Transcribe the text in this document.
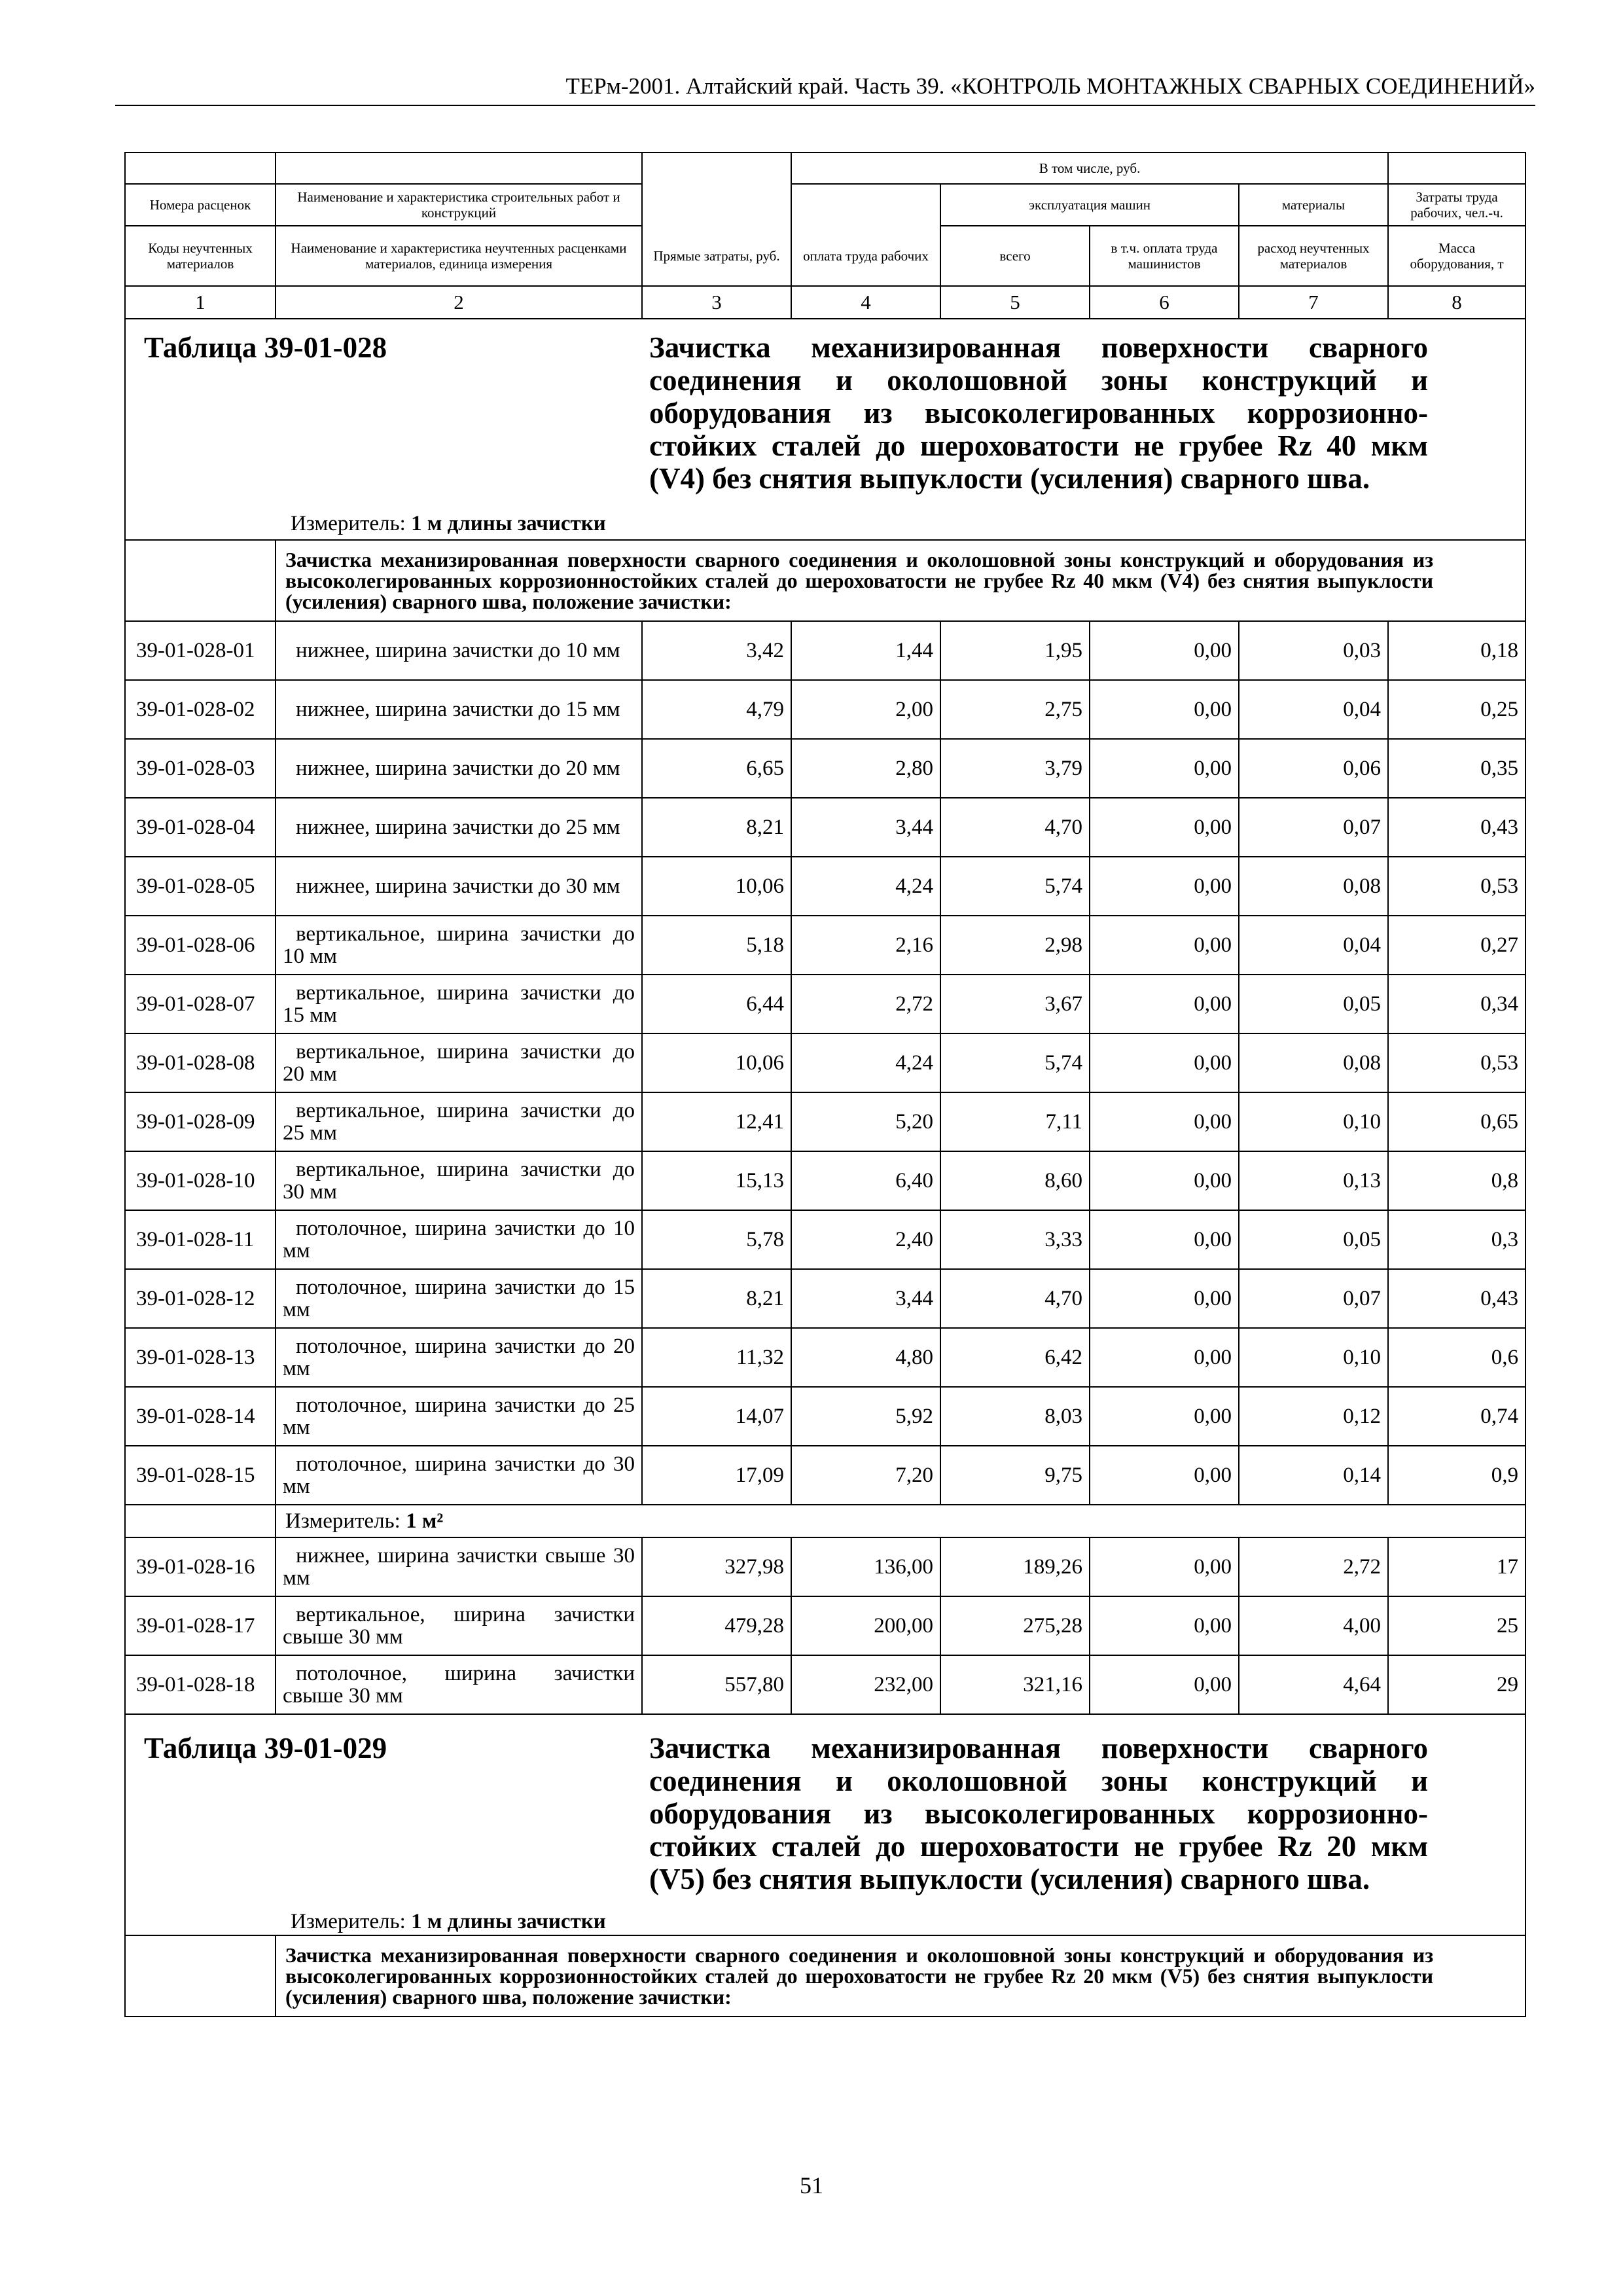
ТЕРм-2001. Алтайский край. Часть 39. «КОНТРОЛЬ МОНТАЖНЫХ СВАРНЫХ СОЕДИНЕНИЙ»
			В том числе, руб.				
Номера расценок	Наименование и характеристика строительных работ и конструкций			эксплуатация машин		материалы	Затраты труда рабочих, чел.-ч.
Коды неучтенных материалов	Наименование и характеристика неучтенных расценками материалов, единица измерения	Прямые затраты, руб.	оплата труда рабочих	всего	в т.ч. оплата труда машинистов	расход неучтенных материалов	Масса оборудования, т
1	2	3	4	5	6	7	8

Таблица 39-01-028 Зачистка механизированная поверхности сварного соединения и околошовной зоны конструкций и оборудования из высоколегированных коррозионно-стойких сталей до шероховатости не грубее Rz 40 мкм (V4) без снятия выпуклости (усиления) сварного шва.
Измеритель: 1 м длины зачистки							

	Зачистка механизированная поверхности сварного соединения и околошовной зоны конструкций и оборудования из высоколегированных коррозионностойких сталей до шероховатости не грубее Rz 40 мкм (V4) без снятия выпуклости (усиления) сварного шва, положение зачистки:						

39-01-028-01	нижнее, ширина зачистки до 10 мм	3,42	1,44	1,95	0,00	0,03	0,18
39-01-028-02	нижнее, ширина зачистки до 15 мм	4,79	2,00	2,75	0,00	0,04	0,25
39-01-028-03	нижнее, ширина зачистки до 20 мм	6,65	2,80	3,79	0,00	0,06	0,35
39-01-028-04	нижнее, ширина зачистки до 25 мм	8,21	3,44	4,70	0,00	0,07	0,43
39-01-028-05	нижнее, ширина зачистки до 30 мм	10,06	4,24	5,74	0,00	0,08	0,53
39-01-028-06	вертикальное, ширина зачистки до 10 мм	5,18	2,16	2,98	0,00	0,04	0,27
39-01-028-07	вертикальное, ширина зачистки до 15 мм	6,44	2,72	3,67	0,00	0,05	0,34
39-01-028-08	вертикальное, ширина зачистки до 20 мм	10,06	4,24	5,74	0,00	0,08	0,53
39-01-028-09	вертикальное, ширина зачистки до 25 мм	12,41	5,20	7,11	0,00	0,10	0,65
39-01-028-10	вертикальное, ширина зачистки до 30 мм	15,13	6,40	8,60	0,00	0,13	0,8
39-01-028-11	потолочное, ширина зачистки до 10 мм	5,78	2,40	3,33	0,00	0,05	0,3
39-01-028-12	потолочное, ширина зачистки до 15 мм	8,21	3,44	4,70	0,00	0,07	0,43
39-01-028-13	потолочное, ширина зачистки до 20 мм	11,32	4,80	6,42	0,00	0,10	0,6
39-01-028-14	потолочное, ширина зачистки до 25 мм	14,07	5,92	8,03	0,00	0,12	0,74
39-01-028-15	потолочное, ширина зачистки до 30 мм	17,09	7,20	9,75	0,00	0,14	0,9
	Измеритель: 1 м²						
39-01-028-16	нижнее, ширина зачистки свыше 30 мм	327,98	136,00	189,26	0,00	2,72	17
39-01-028-17	вертикальное, ширина зачистки свыше 30 мм	479,28	200,00	275,28	0,00	4,00	25
39-01-028-18	потолочное, ширина зачистки свыше 30 мм	557,80	232,00	321,16	0,00	4,64	29

Таблица 39-01-029 Зачистка механизированная поверхности сварного соединения и околошовной зоны конструкций и оборудования из высоколегированных коррозионно-стойких сталей до шероховатости не грубее Rz 20 мкм (V5) без снятия выпуклости (усиления) сварного шва.
Измеритель: 1 м длины зачистки							

	Зачистка механизированная поверхности сварного соединения и околошовной зоны конструкций и оборудования из высоколегированных коррозионностойких сталей до шероховатости не грубее Rz 20 мкм (V5) без снятия выпуклости (усиления) сварного шва, положение зачистки:						
51
